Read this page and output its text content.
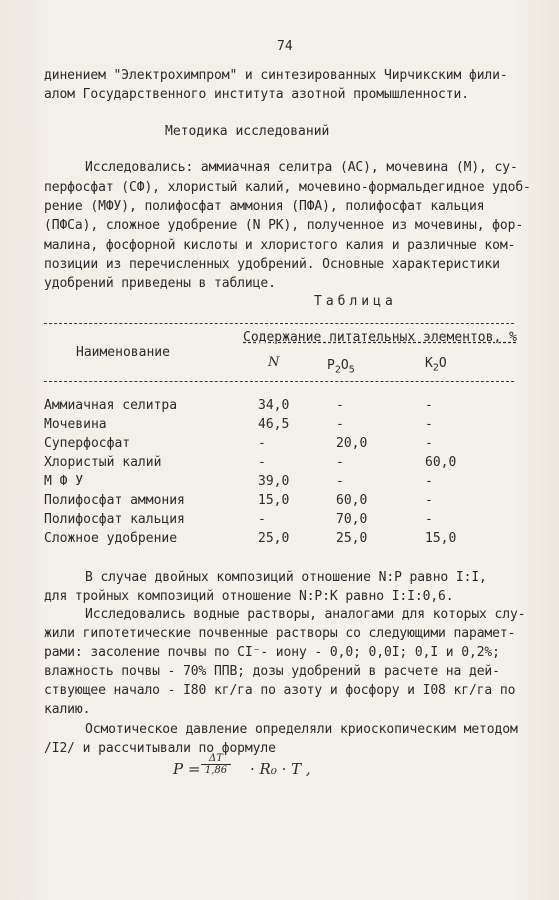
74
динением "Электрохимпром" и синтезированных Чирчикским фили-
алом Государственного института азотной промышленности.
Методика исследований
Исследовались: аммиачная селитра (АС), мочевина (М), су-
перфосфат (СФ), хлористый калий, мочевино-формальдегидное удоб-
рение (МФУ), полифосфат аммония (ПФА), полифосфат кальция
(ПФСа), сложное удобрение (N РК), полученное из мочевины, фор-
малина, фосфорной кислоты и хлористого калия и различные ком-
позиции из перечисленных удобрений. Основные характеристики
удобрений приведены в таблице.
Таблица
Наименование
Содержание питательных элементов, %
N	$P_2O_5$	$K_2O$
Аммиачная селитра	34,0	-	-
Мочевина	46,5	-	-
Суперфосфат	-	20,0	-
Хлористый калий	-	-	60,0
М Ф У	39,0	-	-
Полифосфат аммония	15,0	60,0	-
Полифосфат кальция	-	70,0	-
Сложное удобрение	25,0	25,0	15,0
В случае двойных композиций отношение N:Р равно I:I,
для тройных композиций отношение N:Р:К равно I:I:0,6.
Исследовались водные растворы, аналогами для которых слу-
жили гипотетические почвенные растворы со следующими парамет-
рами: засоление почвы по СI⁻- иону - 0,0; 0,0I; 0,I и 0,2%;
влажность почвы - 70% ППВ; дозы удобрений в расчете на дей-
ствующее начало - I80 кг/га по азоту и фосфору и I08 кг/га по
калию.
Осмотическое давление определяли криоскопическим методом
/I2/ и рассчитывали по формуле
$P = \frac{\Delta T}{1,86} \cdot R_0 \cdot T$ ,
